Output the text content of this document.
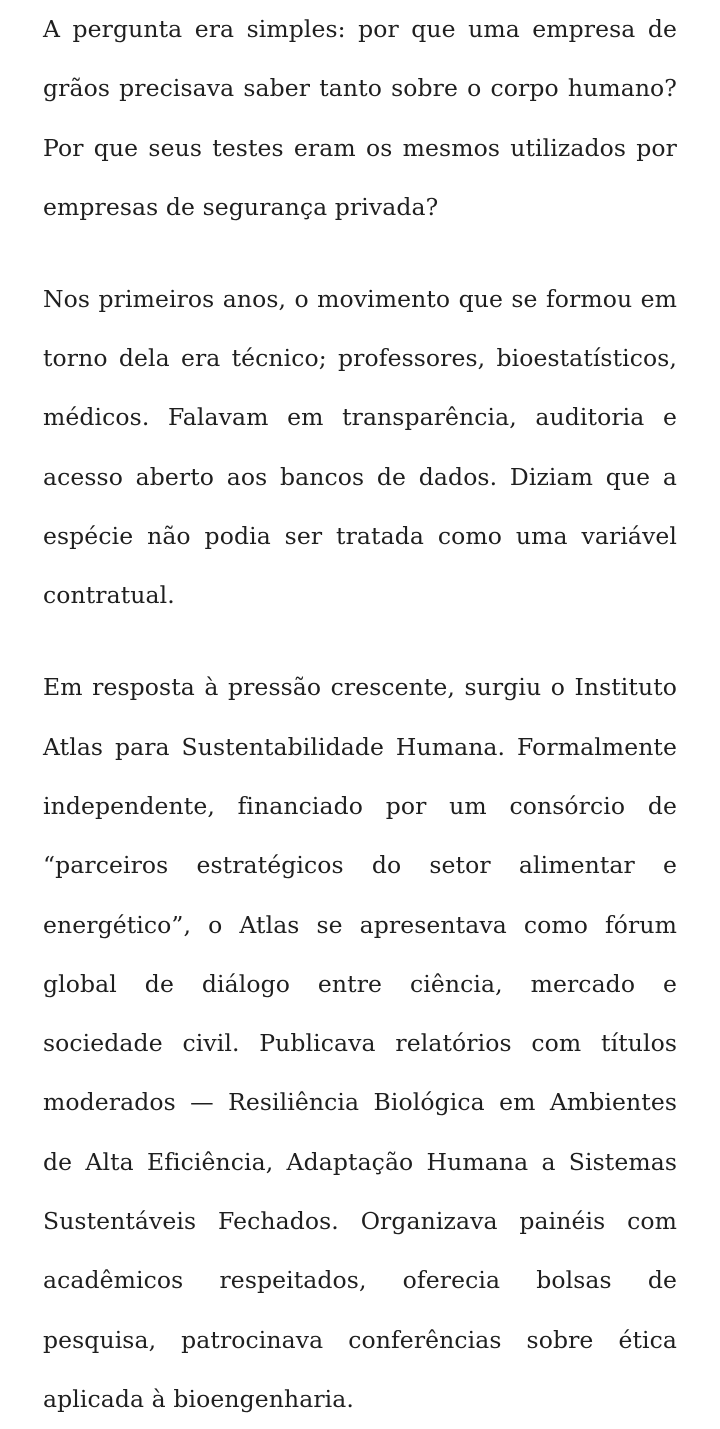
A pergunta era simples: por que uma empresa de grãos precisava saber tanto sobre o corpo humano? Por que seus testes eram os mesmos utilizados por empresas de segurança privada?

Nos primeiros anos, o movimento que se formou em torno dela era técnico; professores, bioestatísticos, médicos. Falavam em transparência, auditoria e acesso aberto aos bancos de dados. Diziam que a espécie não podia ser tratada como uma variável contratual.

Em resposta à pressão crescente, surgiu o Instituto Atlas para Sustentabilidade Humana. Formalmente independente, financiado por um consórcio de “parceiros estratégicos do setor alimentar e energético”, o Atlas se apresentava como fórum global de diálogo entre ciência, mercado e sociedade civil. Publicava relatórios com títulos moderados — Resiliência Biológica em Ambientes de Alta Eficiência, Adaptação Humana a Sistemas Sustentáveis Fechados. Organizava painéis com acadêmicos respeitados, oferecia bolsas de pesquisa, patrocinava conferências sobre ética aplicada à bioengenharia.
